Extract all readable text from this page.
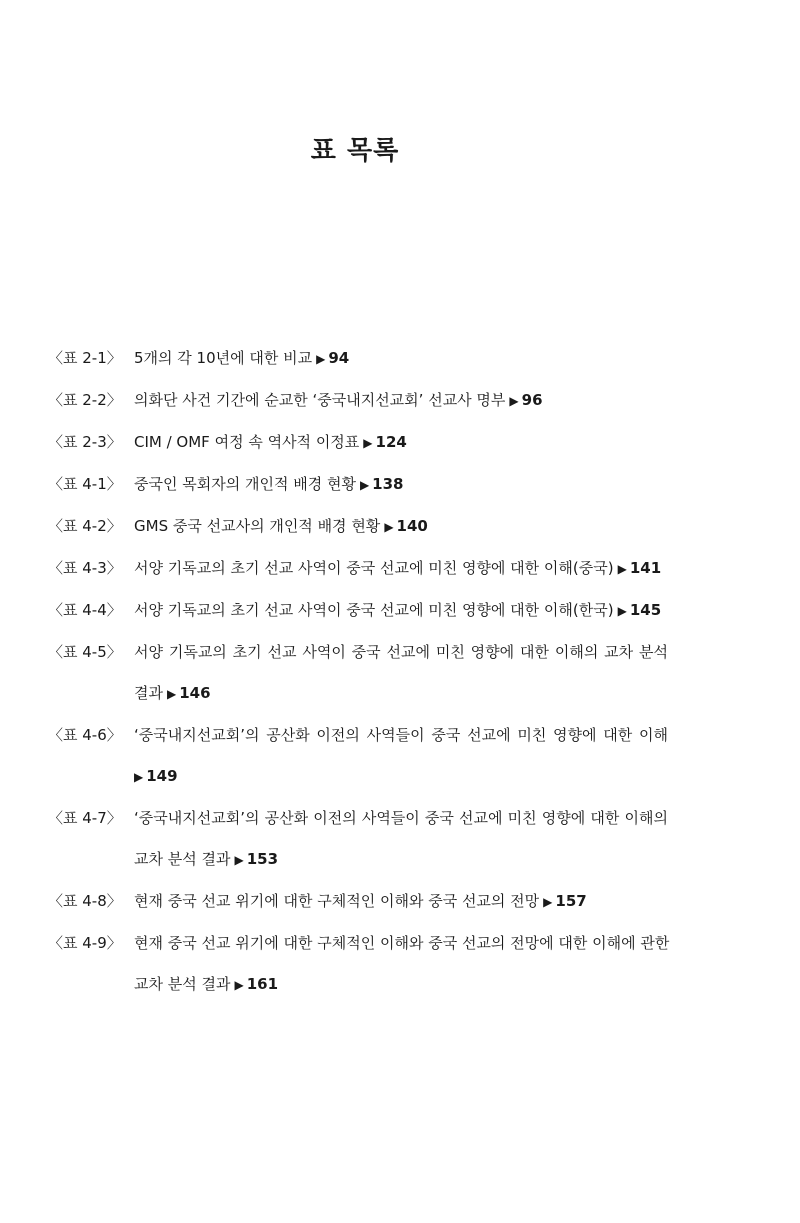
표 목록
〈표 2-1〉 5개의 각 10년에 대한 비교 ▶ 94
〈표 2-2〉 의화단 사건 기간에 순교한 ‘중국내지선교회’ 선교사 명부 ▶ 96
〈표 2-3〉 CIM / OMF 여정 속 역사적 이정표 ▶ 124
〈표 4-1〉 중국인 목회자의 개인적 배경 현황 ▶ 138
〈표 4-2〉 GMS 중국 선교사의 개인적 배경 현황 ▶ 140
〈표 4-3〉 서양 기독교의 초기 선교 사역이 중국 선교에 미친 영향에 대한 이해(중국) ▶ 141
〈표 4-4〉 서양 기독교의 초기 선교 사역이 중국 선교에 미친 영향에 대한 이해(한국) ▶ 145
〈표 4-5〉 서양 기독교의 초기 선교 사역이 중국 선교에 미친 영향에 대한 이해의 교차 분석
결과 ▶ 146
〈표 4-6〉 ‘중국내지선교회’의 공산화 이전의 사역들이 중국 선교에 미친 영향에 대한 이해
▶ 149
〈표 4-7〉 ‘중국내지선교회’의 공산화 이전의 사역들이 중국 선교에 미친 영향에 대한 이해의
교차 분석 결과 ▶ 153
〈표 4-8〉 현재 중국 선교 위기에 대한 구체적인 이해와 중국 선교의 전망 ▶ 157
〈표 4-9〉 현재 중국 선교 위기에 대한 구체적인 이해와 중국 선교의 전망에 대한 이해에 관한
교차 분석 결과 ▶ 161
